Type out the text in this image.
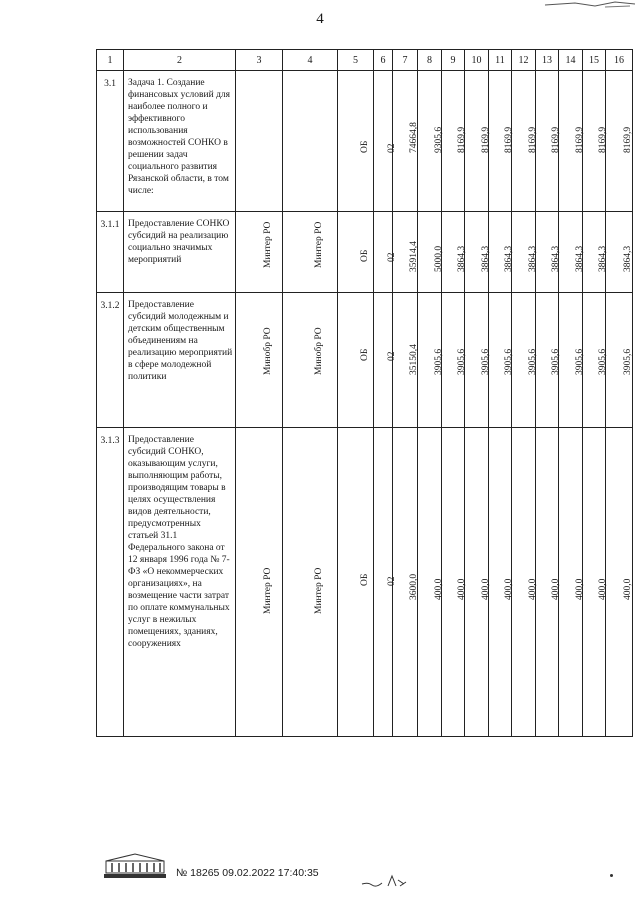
4
1	2	3	4	5	6	7	8	9	10	11	12	13	14	15	16
3.1	Задача 1. Создание финансовых условий для наиболее полного и эффективного использования возможностей СОНКО в решении задач социального развития Рязанской области, в том числе:			ОБ	02	74664,8	9305,6	8169,9	8169,9	8169,9	8169,9	8169,9	8169,9	8169,9	8169,9

3.1.1	Предоставление СОНКО субсидий на реализацию социально значимых мероприятий	Минтер РО	Минтер РО	ОБ	02	35914,4	5000,0	3864,3	3864,3	3864,3	3864,3	3864,3	3864,3	3864,3	3864,3

3.1.2	Предоставление субсидий молодежным и детским общественным объединениям на реализацию мероприятий в сфере молодежной политики	Минобр РО	Минобр РО	ОБ	02	35150,4	3905,6	3905,6	3905,6	3905,6	3905,6	3905,6	3905,6	3905,6	3905,6

3.1.3	Предоставление субсидий СОНКО, оказывающим услуги, выполняющим работы, производящим товары в целях осуществления видов деятельности, предусмотренных статьей 31.1 Федерального закона от 12 января 1996 года № 7-ФЗ «О некоммерческих организациях», на возмещение части затрат по оплате коммунальных услуг в нежилых помещениях, зданиях, сооружениях	Минтер РО	Минтер РО	ОБ	02	3600,0	400,0	400,0	400,0	400,0	400,0	400,0	400,0	400,0	400,0
№ 18265 09.02.2022 17:40:35
